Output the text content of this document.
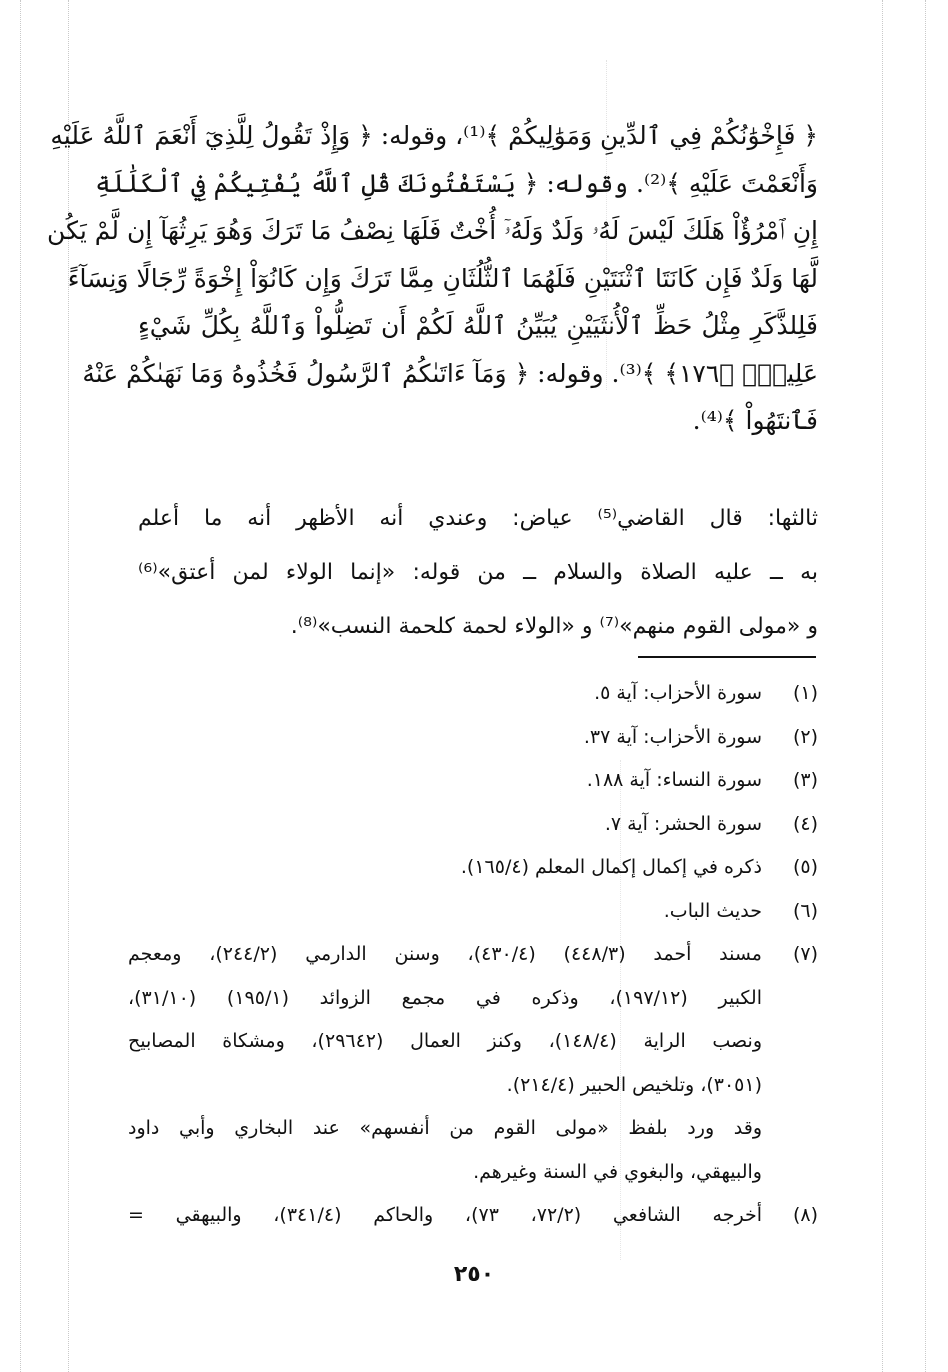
﴿ فَإِخْوَٰنُكُمْ فِي ٱلدِّينِ وَمَوَٰلِيكُمْ ﴾⁽¹⁾، وقوله: ﴿ وَإِذْ تَقُولُ لِلَّذِيٓ أَنْعَمَ ٱللَّهُ عَلَيْهِ
وَأَنْعَمْتَ عَلَيْهِ ﴾⁽²⁾. وقوله: ﴿ يَسْتَفْتُونَكَ قُلِ ٱللَّهُ يُفْتِيكُمْ فِي ٱلْكَلَٰلَةِ
إِنِ ٱمْرُؤٌاْ هَلَكَ لَيْسَ لَهُۥ وَلَدٌ وَلَهُۥٓ أُخْتٌ فَلَهَا نِصْفُ مَا تَرَكَ وَهُوَ يَرِثُهَآ إِن لَّمْ يَكُن
لَّهَا وَلَدٌ فَإِن كَانَتَا ٱثْنَتَيْنِ فَلَهُمَا ٱلثُّلُثَانِ مِمَّا تَرَكَ وَإِن كَانُوٓاْ إِخْوَةً رِّجَالًا وَنِسَآءً
فَلِلذَّكَرِ مِثْلُ حَظِّ ٱلْأُنثَيَيْنِ يُبَيِّنُ ٱللَّهُ لَكُمْ أَن تَضِلُّواْ وَٱللَّهُ بِكُلِّ شَيْءٍ
عَلِيمٌۢ ﴿١٧٦﴾ ﴾⁽³⁾. وقوله: ﴿ وَمَآ ءَاتَىٰكُمُ ٱلرَّسُولُ فَخُذُوهُ وَمَا نَهَىٰكُمْ عَنْهُ
فَٱنتَهُواْ ﴾⁽⁴⁾.
ثالثها: قال القاضي⁽⁵⁾ عياض: وعندي أنه الأظهر أنه ما أعلم
به ــ عليه الصلاة والسلام ــ من قوله: «إنما الولاء لمن أعتق»⁽⁶⁾
و «مولى القوم منهم»⁽⁷⁾ و «الولاء لحمة كلحمة النسب»⁽⁸⁾.
(١)
سورة الأحزاب: آية ٥.
(٢)
سورة الأحزاب: آية ٣٧.
(٣)
سورة النساء: آية ١٨٨.
(٤)
سورة الحشر: آية ٧.
(٥)
ذكره في إكمال إكمال المعلم (١٦٥/٤).
(٦)
حديث الباب.
(٧)
مسند أحمد (٤٤٨/٣) (٤٣٠/٤)، وسنن الدارمي (٢٤٤/٢)، ومعجم
الكبير (١٩٧/١٢)، وذكره في مجمع الزوائد (١٩٥/١) (٣١/١٠)،
ونصب الراية (١٤٨/٤)، وكنز العمال (٢٩٦٤٢)، ومشكاة المصابيح
(٣٠٥١)، وتلخيص الحبير (٢١٤/٤).
وقد ورد بلفظ «مولى القوم من أنفسهم» عند البخاري وأبي داود
والبيهقي، والبغوي في السنة وغيرهم.
(٨)
أخرجه الشافعي (٧٢/٢، ٧٣)، والحاكم (٣٤١/٤)، والبيهقي =
٢٥٠
